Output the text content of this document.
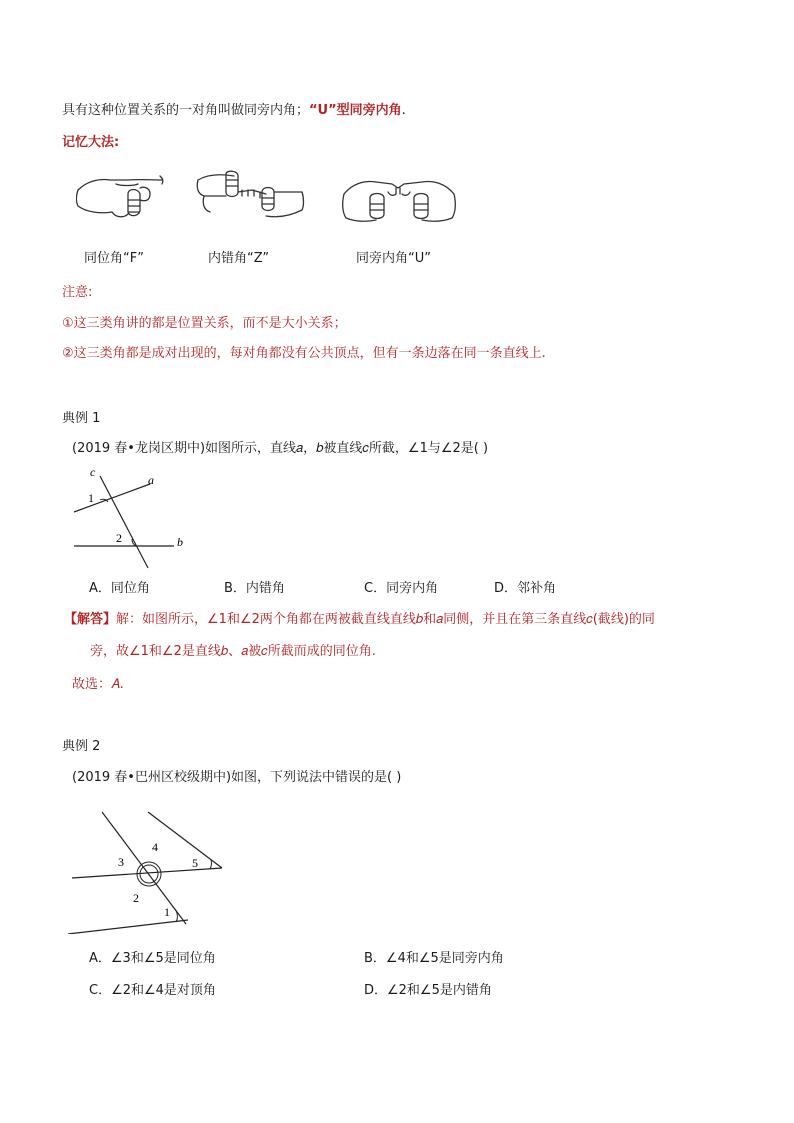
具有这种位置关系的一对角叫做同旁内角；“U”型同旁内角.
记忆大法:
同位角“F”	内错角“Z”	同旁内角“U”
注意:
①这三类角讲的都是位置关系，而不是大小关系；
②这三类角都是成对出现的，每对角都没有公共顶点，但有一条边落在同一条直线上.
典例 1
(2019 春•龙岗区期中)如图所示，直线𝑎，𝑏被直线𝑐所截，∠1与∠2是( )
c
a
b
1
2
A．同位角	B．内错角	C．同旁内角	D．邻补角
【解答】解：如图所示，∠1和∠2两个角都在两被截直线直线𝑏和𝑎同侧，并且在第三条直线𝑐(截线)的同
旁，故∠1和∠2是直线𝑏、𝑎被𝑐所截而成的同位角.
故选：𝐴.
典例 2
(2019 春•巴州区校级期中)如图，下列说法中错误的是( )
1
2
3
4
5
A．∠3和∠5是同位角	B．∠4和∠5是同旁内角
C．∠2和∠4是对顶角	D．∠2和∠5是内错角
